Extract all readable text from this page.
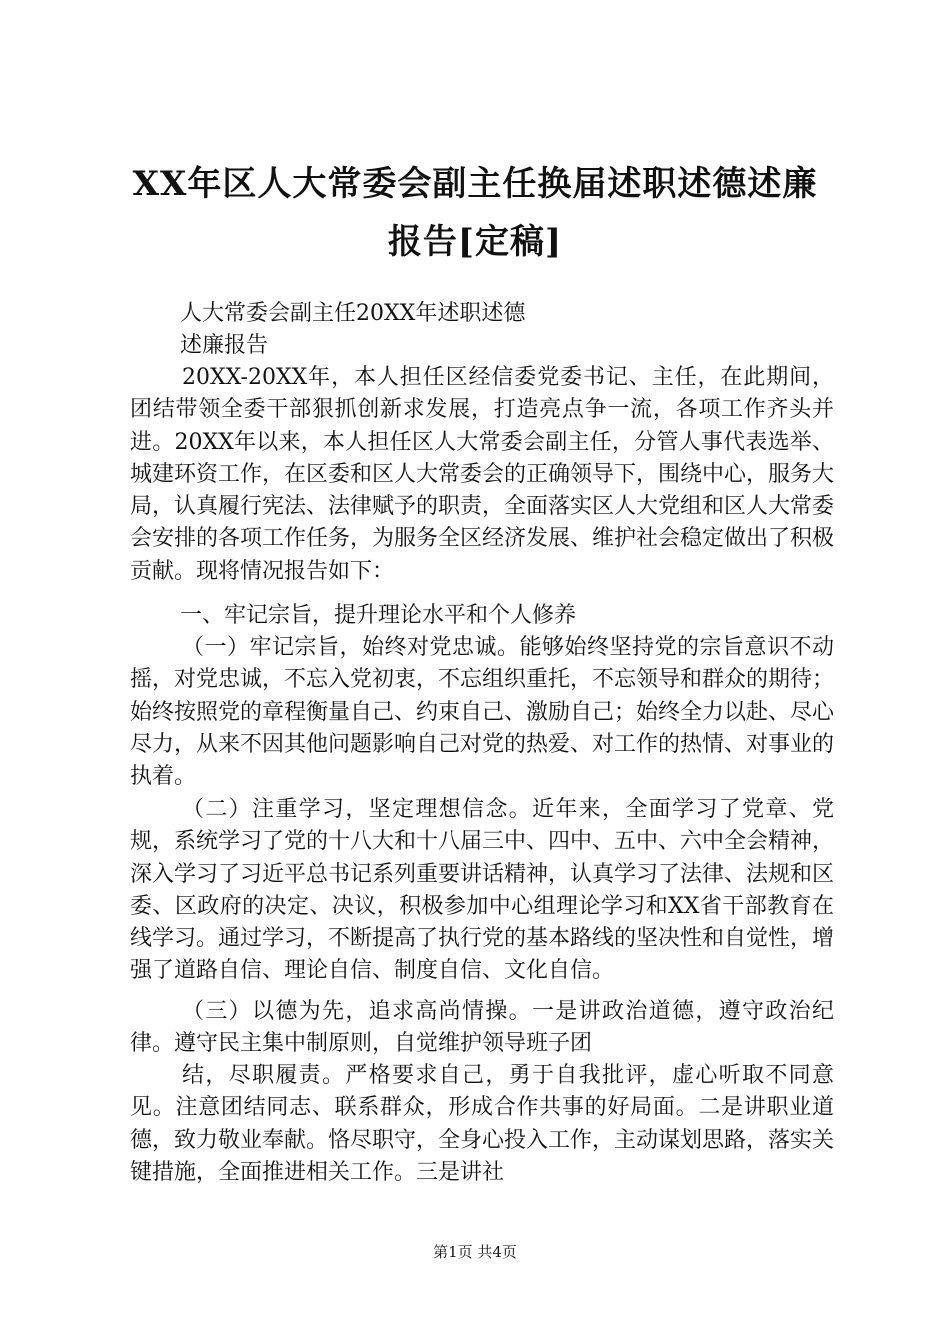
XX年区人大常委会副主任换届述职述德述廉
报告[定稿]
人大常委会副主任20XX年述职述德
述廉报告
20XX-20XX年，本人担任区经信委党委书记、主任，在此期间，团结带领全委干部狠抓创新求发展，打造亮点争一流，各项工作齐头并进。20XX年以来，本人担任区人大常委会副主任，分管人事代表选举、城建环资工作，在区委和区人大常委会的正确领导下，围绕中心，服务大局，认真履行宪法、法律赋予的职责，全面落实区人大党组和区人大常委会安排的各项工作任务，为服务全区经济发展、维护社会稳定做出了积极贡献。现将情况报告如下：
一、牢记宗旨，提升理论水平和个人修养
（一）牢记宗旨，始终对党忠诚。能够始终坚持党的宗旨意识不动摇，对党忠诚，不忘入党初衷，不忘组织重托，不忘领导和群众的期待；始终按照党的章程衡量自己、约束自己、激励自己；始终全力以赴、尽心尽力，从来不因其他问题影响自己对党的热爱、对工作的热情、对事业的执着。
（二）注重学习，坚定理想信念。近年来，全面学习了党章、党规，系统学习了党的十八大和十八届三中、四中、五中、六中全会精神，深入学习了习近平总书记系列重要讲话精神，认真学习了法律、法规和区委、区政府的决定、决议，积极参加中心组理论学习和XX省干部教育在线学习。通过学习，不断提高了执行党的基本路线的坚决性和自觉性，增强了道路自信、理论自信、制度自信、文化自信。
（三）以德为先，追求高尚情操。一是讲政治道德，遵守政治纪律。遵守民主集中制原则，自觉维护领导班子团
结，尽职履责。严格要求自己，勇于自我批评，虚心听取不同意见。注意团结同志、联系群众，形成合作共事的好局面。二是讲职业道德，致力敬业奉献。恪尽职守，全身心投入工作，主动谋划思路，落实关键措施，全面推进相关工作。三是讲社
第1页 共4页
